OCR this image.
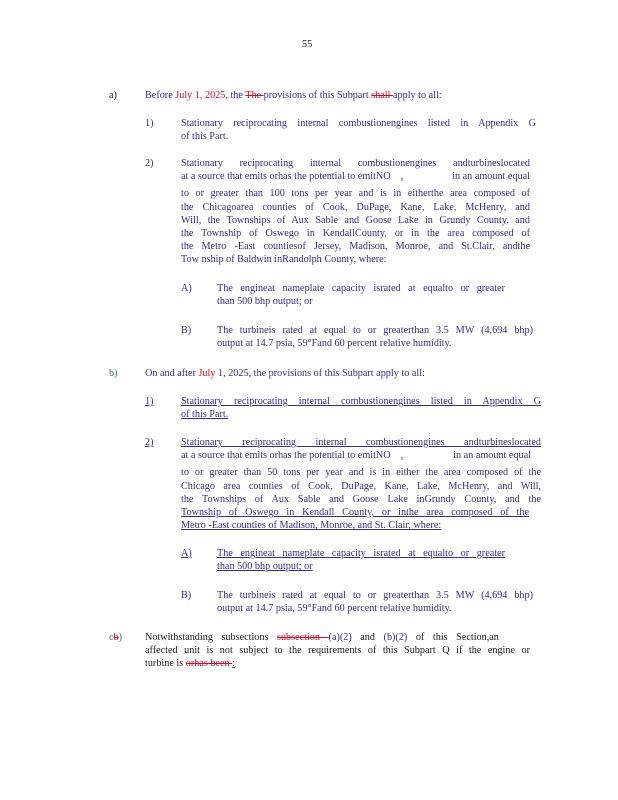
55
a)	Before July 1, 2025, the The provisions of this Subpart shall apply to all:
1)	Stationary reciprocating internal combustionengines listed in Appendix G
of this Part.
2)	Stationary reciprocating internal combustionengines andturbineslocated
at a source that emits orhas the potential to emitNO $_x$	in an amount equal
to or greater than 100 tons per year and is in eitherthe area composed of
the Chicagoarea counties of Cook, DuPage, Kane, Lake, McHenry, and
Will, the Townships of Aux Sable and Goose Lake in Grundy County, and
the Township of Oswego in KendallCounty, or in the area composed of
the Metro -East countiesof Jersey, Madison, Monroe, and St.Clair, andthe
Tow nship of Baldwin inRandolph County, where:
A) The engineat nameplate capacity israted at equalto or greater
than 500 bhp output; or
B)	The turbineis rated at equal to or greaterthan 3.5 MW (4,694 bhp)
output at 14.7 psia, 59°Fand 60 percent relative humidity.
b)	On and after July 1, 2025, the provisions of this Subpart apply to all:
1)	Stationary reciprocating internal combustionengines listed in Appendix G
of this Part.
2)	Stationary reciprocating internal combustionengines andturbineslocated
at a source that emits orhas the potential to emitNO $_x$	in an amount equal
to or greater than 50 tons per year and is in either the area composed of the
Chicago area counties of Cook, DuPage, Kane, Lake, McHenry, and Will,
the Townships of Aux Sable and Goose Lake inGrundy County, and the
Township of Oswego in Kendall County, or inthe area composed of the
Metro -East counties of Madison, Monroe, and St. Clair, where:
A) The engineat nameplate capacity israted at equalto or greater
than 500 bhp output; or
B)	The turbineis rated at equal to or greaterthan 3.5 MW (4,694 bhp)
output at 14.7 psia, 59°Fand 60 percent relative humidity.
cb) Notwithstanding subsections subsection (a)(2) and (b)(2) of this Section,an
affected unit is not subject to the requirements of this Subpart Q if the engine or
turbine is orhas been :
